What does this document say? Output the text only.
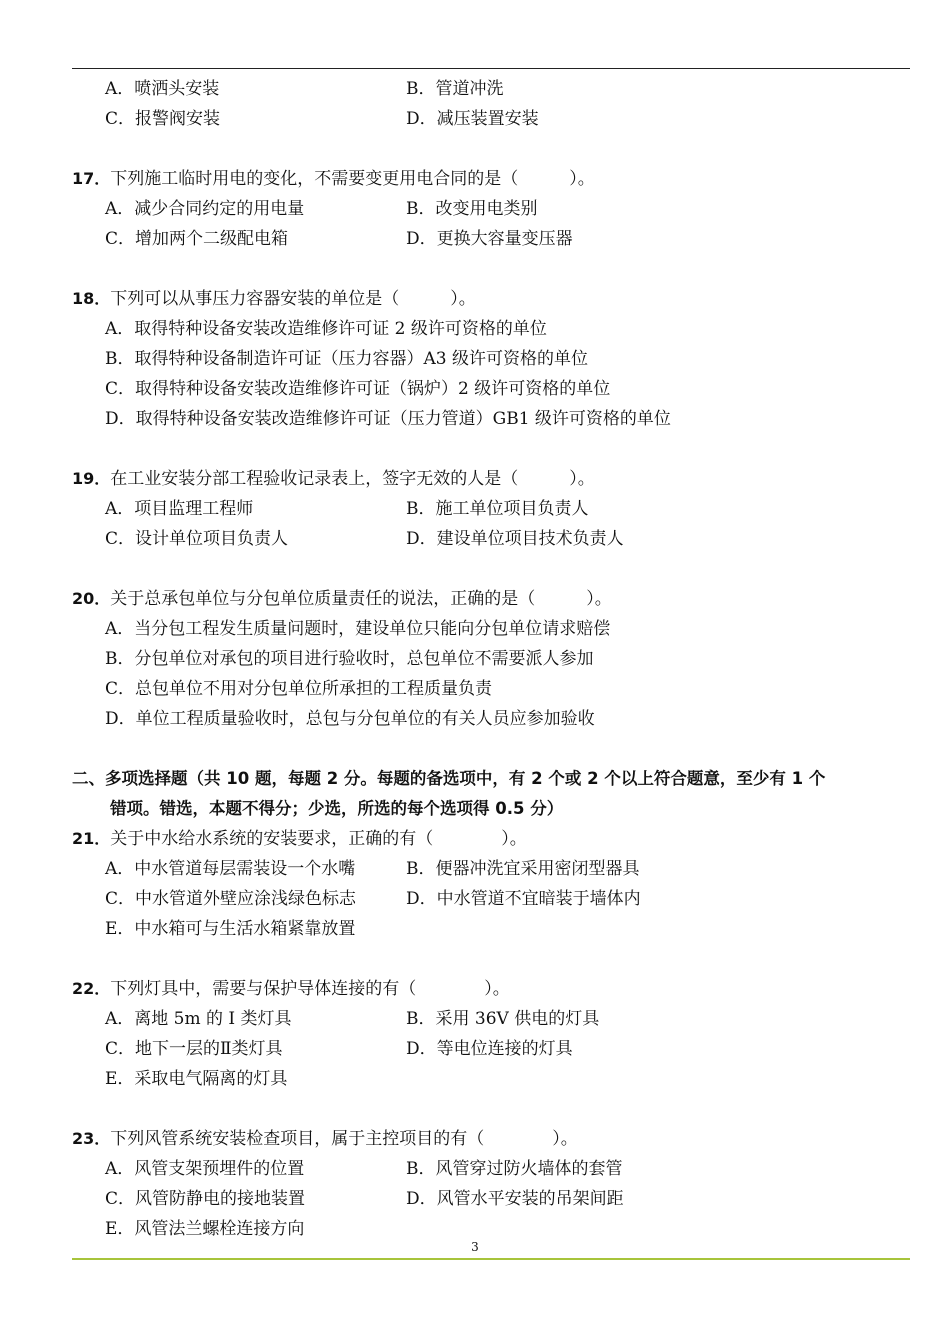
A．喷洒头安装	B．管道冲洗
C．报警阀安装	D．减压装置安装
17．下列施工临时用电的变化，不需要变更用电合同的是（　　　）。
A．减少合同约定的用电量	B．改变用电类别
C．增加两个二级配电箱	D．更换大容量变压器
18．下列可以从事压力容器安装的单位是（　　　）。
A．取得特种设备安装改造维修许可证 2 级许可资格的单位
B．取得特种设备制造许可证（压力容器）A3 级许可资格的单位
C．取得特种设备安装改造维修许可证（锅炉）2 级许可资格的单位
D．取得特种设备安装改造维修许可证（压力管道）GB1 级许可资格的单位
19．在工业安装分部工程验收记录表上，签字无效的人是（　　　）。
A．项目监理工程师	B．施工单位项目负责人
C．设计单位项目负责人	D．建设单位项目技术负责人
20．关于总承包单位与分包单位质量责任的说法，正确的是（　　　）。
A．当分包工程发生质量问题时，建设单位只能向分包单位请求赔偿
B．分包单位对承包的项目进行验收时，总包单位不需要派人参加
C．总包单位不用对分包单位所承担的工程质量负责
D．单位工程质量验收时，总包与分包单位的有关人员应参加验收
二、多项选择题（共 10 题，每题 2 分。每题的备选项中，有 2 个或 2 个以上符合题意，至少有 1 个
错项。错选，本题不得分；少选，所选的每个选项得 0.5 分）
21．关于中水给水系统的安装要求，正确的有（　　　　）。
A．中水管道每层需装设一个水嘴	B．便器冲洗宜采用密闭型器具
C．中水管道外壁应涂浅绿色标志	D．中水管道不宜暗装于墙体内
E．中水箱可与生活水箱紧靠放置
22．下列灯具中，需要与保护导体连接的有（　　　　）。
A．离地 5m 的 I 类灯具	B．采用 36V 供电的灯具
C．地下一层的Ⅱ类灯具	D．等电位连接的灯具
E．采取电气隔离的灯具
23．下列风管系统安装检查项目，属于主控项目的有（　　　　）。
A．风管支架预埋件的位置	B．风管穿过防火墙体的套管
C．风管防静电的接地装置	D．风管水平安装的吊架间距
E．风管法兰螺栓连接方向
3
